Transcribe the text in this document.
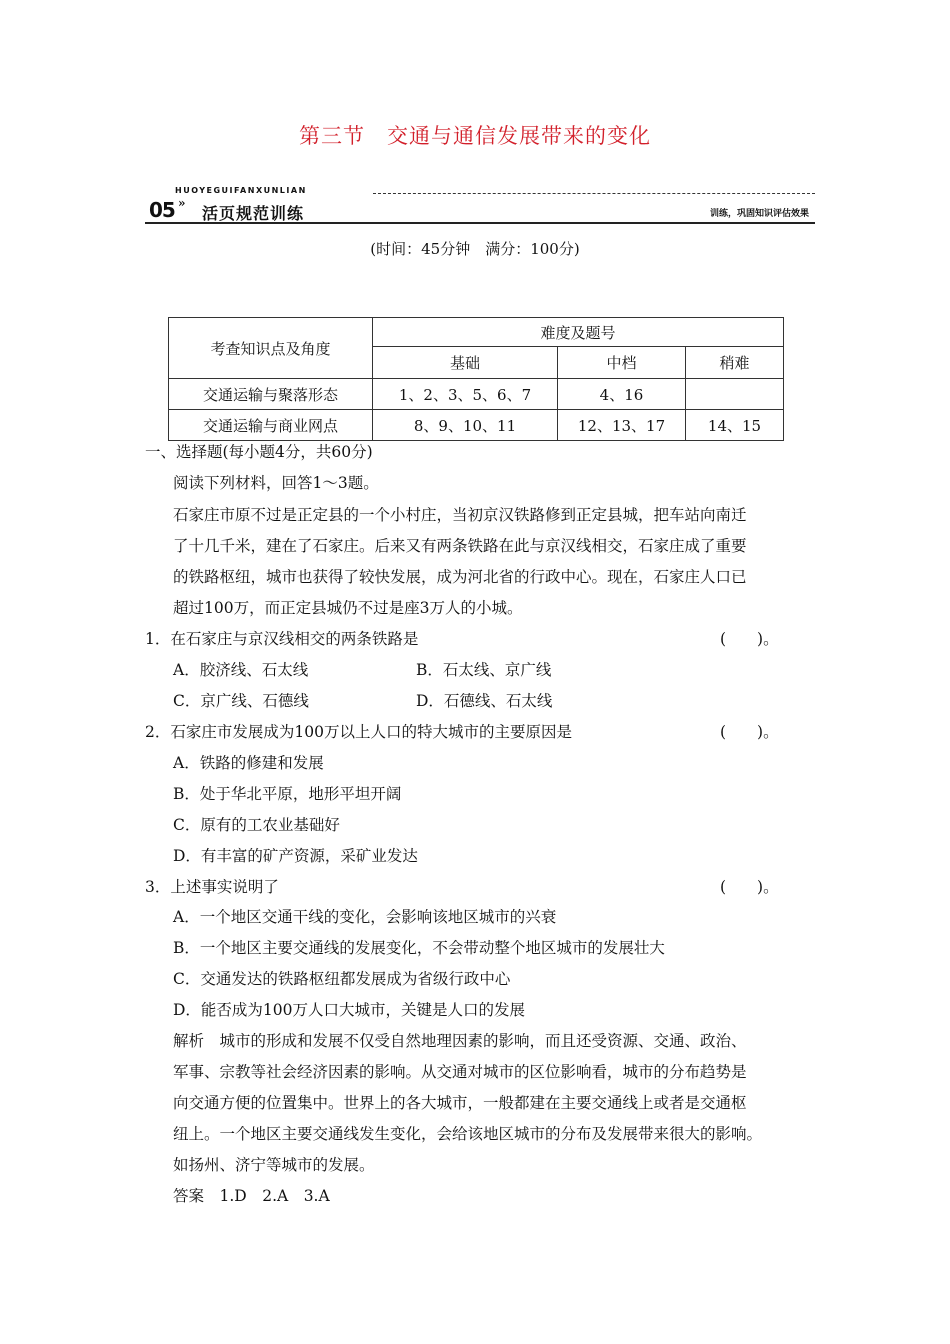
第三节　交通与通信发展带来的变化
HUOYEGUIFANXUNLIAN
05 »
活页规范训练	训练，巩固知识评估效果
(时间：45分钟　满分：100分)
考查知识点及角度	难度及题号		
	基础	中档	稍难
交通运输与聚落形态	1、2、3、5、6、7	4、16	
交通运输与商业网点	8、9、10、11	12、13、17	14、15
一、选择题(每小题4分，共60分)
阅读下列材料，回答1～3题。
石家庄市原不过是正定县的一个小村庄，当初京汉铁路修到正定县城，把车站向南迁
了十几千米，建在了石家庄。后来又有两条铁路在此与京汉线相交，石家庄成了重要
的铁路枢纽，城市也获得了较快发展，成为河北省的行政中心。现在，石家庄人口已
超过100万，而正定县城仍不过是座3万人的小城。
1．在石家庄与京汉线相交的两条铁路是	(　　)。
A．胶济线、石太线	B．石太线、京广线
C．京广线、石德线	D．石德线、石太线
2．石家庄市发展成为100万以上人口的特大城市的主要原因是	(　　)。
A．铁路的修建和发展
B．处于华北平原，地形平坦开阔
C．原有的工农业基础好
D．有丰富的矿产资源，采矿业发达
3．上述事实说明了	(　　)。
A．一个地区交通干线的变化，会影响该地区城市的兴衰
B．一个地区主要交通线的发展变化，不会带动整个地区城市的发展壮大
C．交通发达的铁路枢纽都发展成为省级行政中心
D．能否成为100万人口大城市，关键是人口的发展
解析　城市的形成和发展不仅受自然地理因素的影响，而且还受资源、交通、政治、
军事、宗教等社会经济因素的影响。从交通对城市的区位影响看，城市的分布趋势是
向交通方便的位置集中。世界上的各大城市，一般都建在主要交通线上或者是交通枢
纽上。一个地区主要交通线发生变化，会给该地区城市的分布及发展带来很大的影响。
如扬州、济宁等城市的发展。
答案　1.D　2.A　3.A
